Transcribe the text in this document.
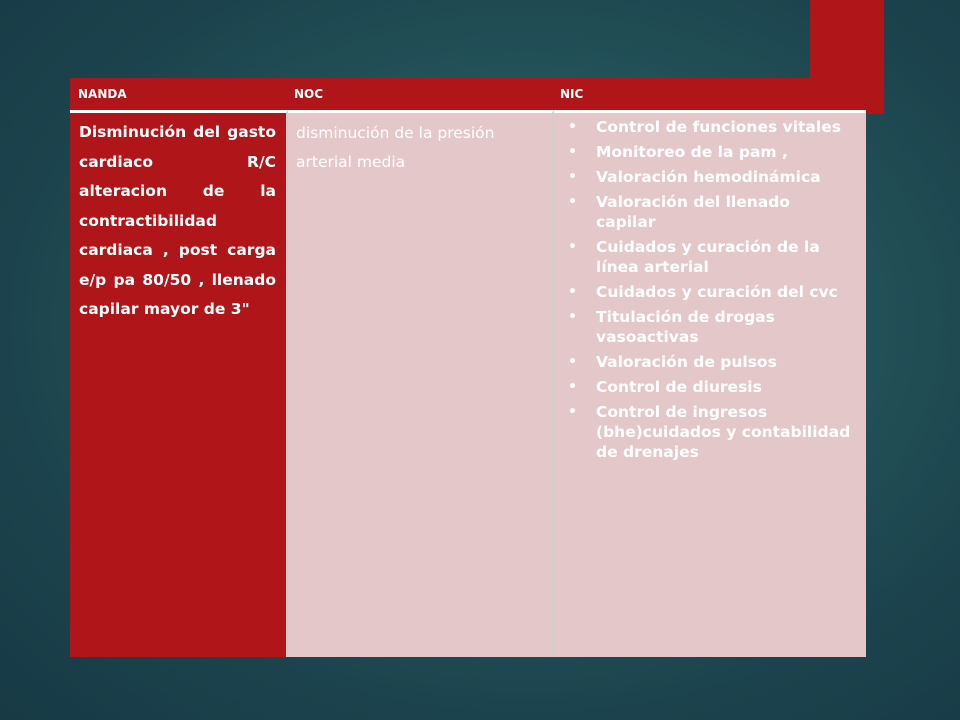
NANDA	NOC	NIC

Disminución del gasto cardiaco R/C alteracion de la contractibilidad cardiaca , post carga e/p pa 80/50 , llenado capilar mayor de 3"

disminución de la presión arterial media

• Control de funciones vitales
• Monitoreo de la pam ,
• Valoración hemodinámica
• Valoración del llenado capilar
• Cuidados y curación de la línea arterial
• Cuidados y curación del cvc
• Titulación de drogas vasoactivas
• Valoración de pulsos
• Control de diuresis
• Control de ingresos (bhe)cuidados y contabilidad de drenajes
